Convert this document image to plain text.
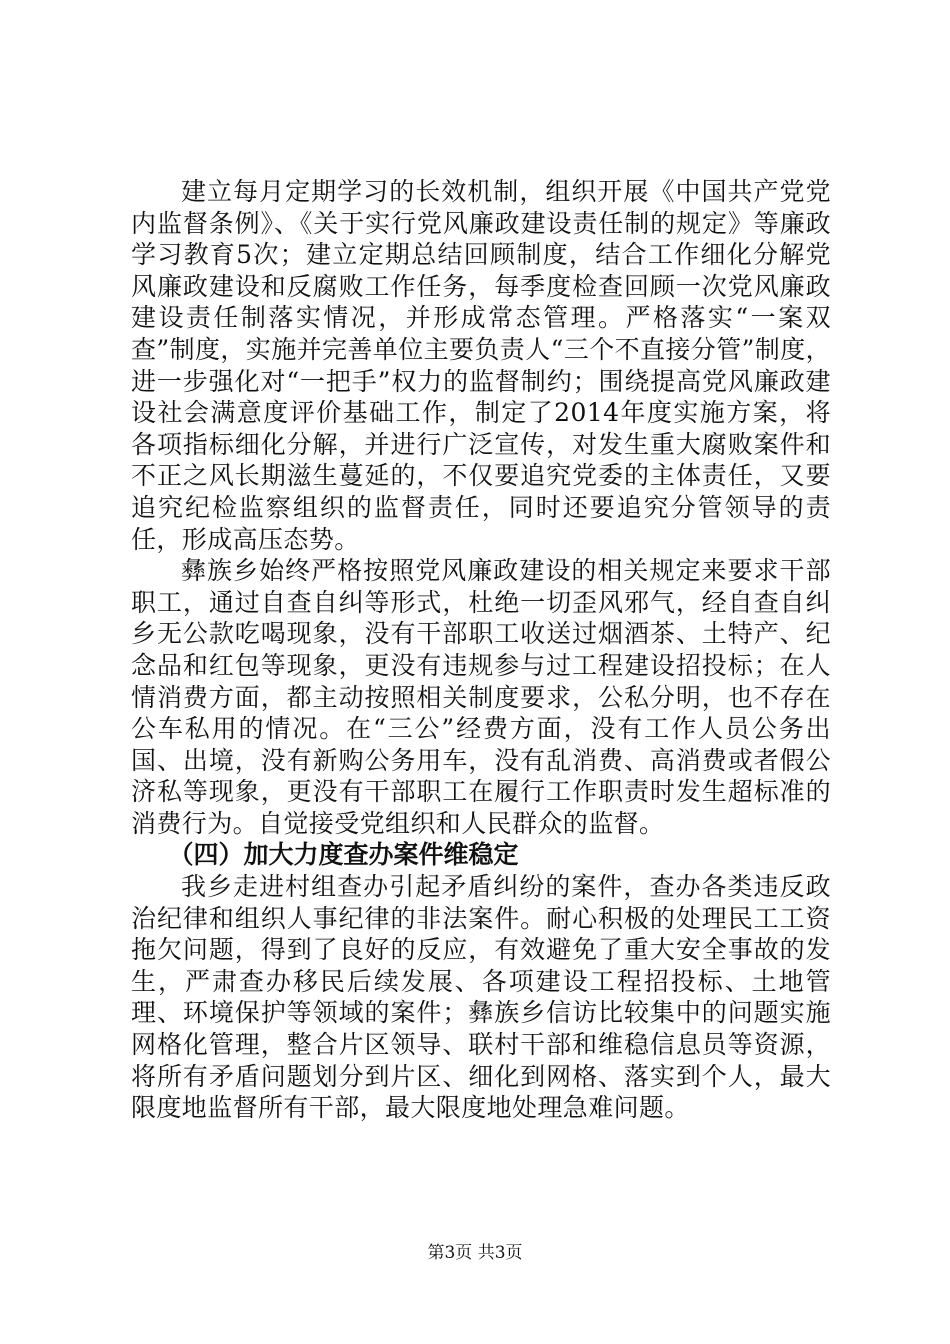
建立每月定期学习的长效机制，组织开展《中国共产党党内监督条例》、《关于实行党风廉政建设责任制的规定》等廉政学习教育5次；建立定期总结回顾制度，结合工作细化分解党风廉政建设和反腐败工作任务，每季度检查回顾一次党风廉政建设责任制落实情况，并形成常态管理。严格落实“一案双查”制度，实施并完善单位主要负责人“三个不直接分管”制度，进一步强化对“一把手”权力的监督制约；围绕提高党风廉政建设社会满意度评价基础工作，制定了2014年度实施方案，将各项指标细化分解，并进行广泛宣传，对发生重大腐败案件和不正之风长期滋生蔓延的，不仅要追究党委的主体责任，又要追究纪检监察组织的监督责任，同时还要追究分管领导的责任，形成高压态势。

彝族乡始终严格按照党风廉政建设的相关规定来要求干部职工，通过自查自纠等形式，杜绝一切歪风邪气，经自查自纠乡无公款吃喝现象，没有干部职工收送过烟酒茶、土特产、纪念品和红包等现象，更没有违规参与过工程建设招投标；在人情消费方面，都主动按照相关制度要求，公私分明，也不存在公车私用的情况。在“三公”经费方面，没有工作人员公务出国、出境，没有新购公务用车，没有乱消费、高消费或者假公济私等现象，更没有干部职工在履行工作职责时发生超标准的消费行为。自觉接受党组织和人民群众的监督。

（四）加大力度查办案件维稳定

我乡走进村组查办引起矛盾纠纷的案件，查办各类违反政治纪律和组织人事纪律的非法案件。耐心积极的处理民工工资拖欠问题，得到了良好的反应，有效避免了重大安全事故的发生，严肃查办移民后续发展、各项建设工程招投标、土地管理、环境保护等领域的案件；彝族乡信访比较集中的问题实施网格化管理，整合片区领导、联村干部和维稳信息员等资源，将所有矛盾问题划分到片区、细化到网格、落实到个人，最大限度地监督所有干部，最大限度地处理急难问题。

第3页 共3页
